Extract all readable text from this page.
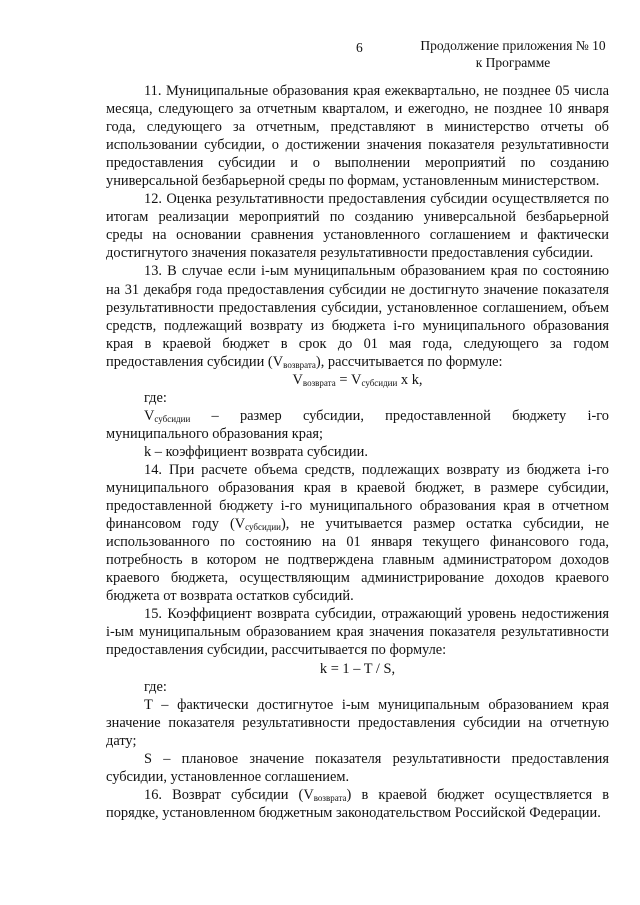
6	Продолжение приложения № 10
к Программе

11. Муниципальные образования края ежеквартально, не позднее 05 числа месяца, следующего за отчетным кварталом, и ежегодно, не позднее 10 января года, следующего за отчетным, представляют в министерство отчеты об использовании субсидии, о достижении значения показателя результативности предоставления субсидии и о выполнении мероприятий по созданию универсальной безбарьерной среды по формам, установленным министерством.

12. Оценка результативности предоставления субсидии осуществляется по итогам реализации мероприятий по созданию универсальной безбарьерной среды на основании сравнения установленного соглашением и фактически достигнутого значения показателя результативности предоставления субсидии.

13. В случае если i-ым муниципальным образованием края по состоянию на 31 декабря года предоставления субсидии не достигнуто значение показателя результативности предоставления субсидии, установленное соглашением, объем средств, подлежащий возврату из бюджета i-го муниципального образования края в краевой бюджет в срок до 01 мая года, следующего за годом предоставления субсидии $(V_{возврата})$, рассчитывается по формуле:

$V_{возврата} = V_{субсидии}$ x k,

где:

$V_{субсидии}$ – размер субсидии, предоставленной бюджету i-го муниципального образования края;

k – коэффициент возврата субсидии.

14. При расчете объема средств, подлежащих возврату из бюджета i-го муниципального образования края в краевой бюджет, в размере субсидии, предоставленной бюджету i-го муниципального образования края в отчетном финансовом году $(V_{субсидии})$, не учитывается размер остатка субсидии, не использованного по состоянию на 01 января текущего финансового года, потребность в котором не подтверждена главным администратором доходов краевого бюджета, осуществляющим администрирование доходов краевого бюджета от возврата остатков субсидий.

15. Коэффициент возврата субсидии, отражающий уровень недостижения i-ым муниципальным образованием края значения показателя результативности предоставления субсидии, рассчитывается по формуле:

k = 1 – T / S,

где:

T – фактически достигнутое i-ым муниципальным образованием края значение показателя результативности предоставления субсидии на отчетную дату;

S – плановое значение показателя результативности предоставления субсидии, установленное соглашением.

16. Возврат субсидии $(V_{возврата})$ в краевой бюджет осуществляется в порядке, установленном бюджетным законодательством Российской Федерации.
